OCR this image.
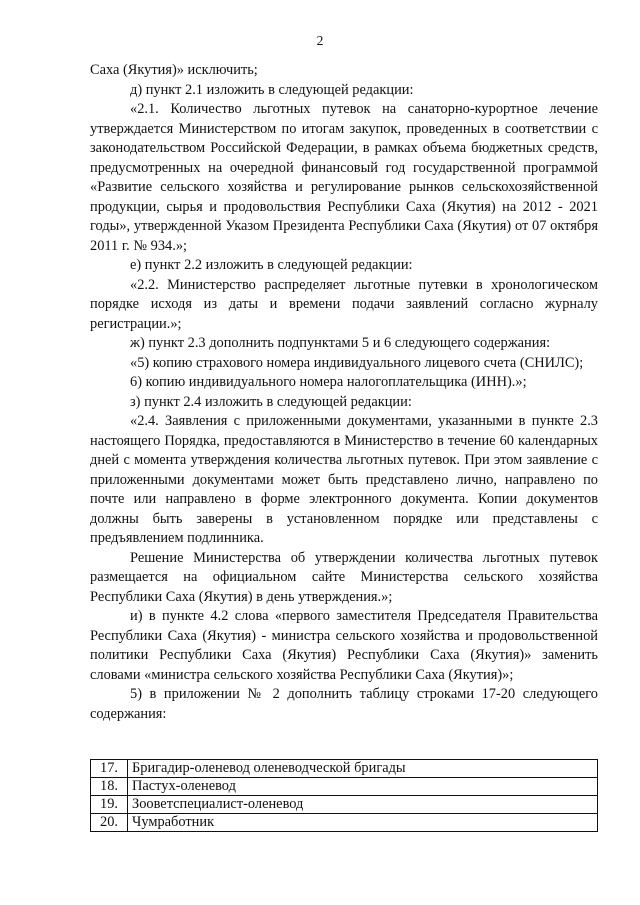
2

Саха (Якутия)» исключить;

д) пункт 2.1 изложить в следующей редакции:

«2.1. Количество льготных путевок на санаторно-курортное лечение утверждается Министерством по итогам закупок, проведенных в соответствии с законодательством Российской Федерации, в рамках объема бюджетных средств, предусмотренных на очередной финансовый год государственной программой «Развитие сельского хозяйства и регулирование рынков сельскохозяйственной продукции, сырья и продовольствия Республики Саха (Якутия) на 2012 - 2021 годы», утвержденной Указом Президента Республики Саха (Якутия) от 07 октября 2011 г. № 934.»;

е) пункт 2.2 изложить в следующей редакции:

«2.2. Министерство распределяет льготные путевки в хронологическом порядке исходя из даты и времени подачи заявлений согласно журналу регистрации.»;

ж) пункт 2.3 дополнить подпунктами 5 и 6 следующего содержания:

«5) копию страхового номера индивидуального лицевого счета (СНИЛС);

6) копию индивидуального номера налогоплательщика (ИНН).»;

з) пункт 2.4 изложить в следующей редакции:

«2.4. Заявления с приложенными документами, указанными в пункте 2.3 настоящего Порядка, предоставляются в Министерство в течение 60 календарных дней с момента утверждения количества льготных путевок. При этом заявление с приложенными документами может быть представлено лично, направлено по почте или направлено в форме электронного документа. Копии документов должны быть заверены в установленном порядке или представлены с предъявлением подлинника.

Решение Министерства об утверждении количества льготных путевок размещается на официальном сайте Министерства сельского хозяйства Республики Саха (Якутия) в день утверждения.»;

и) в пункте 4.2 слова «первого заместителя Председателя Правительства Республики Саха (Якутия) - министра сельского хозяйства и продовольственной политики Республики Саха (Якутия) Республики Саха (Якутия)» заменить словами «министра сельского хозяйства Республики Саха (Якутия)»;

5) в приложении № 2 дополнить таблицу строками 17-20 следующего содержания:

17.	Бригадир-оленевод оленеводческой бригады
18.	Пастух-оленевод
19.	Зооветспециалист-оленевод
20.	Чумработник
